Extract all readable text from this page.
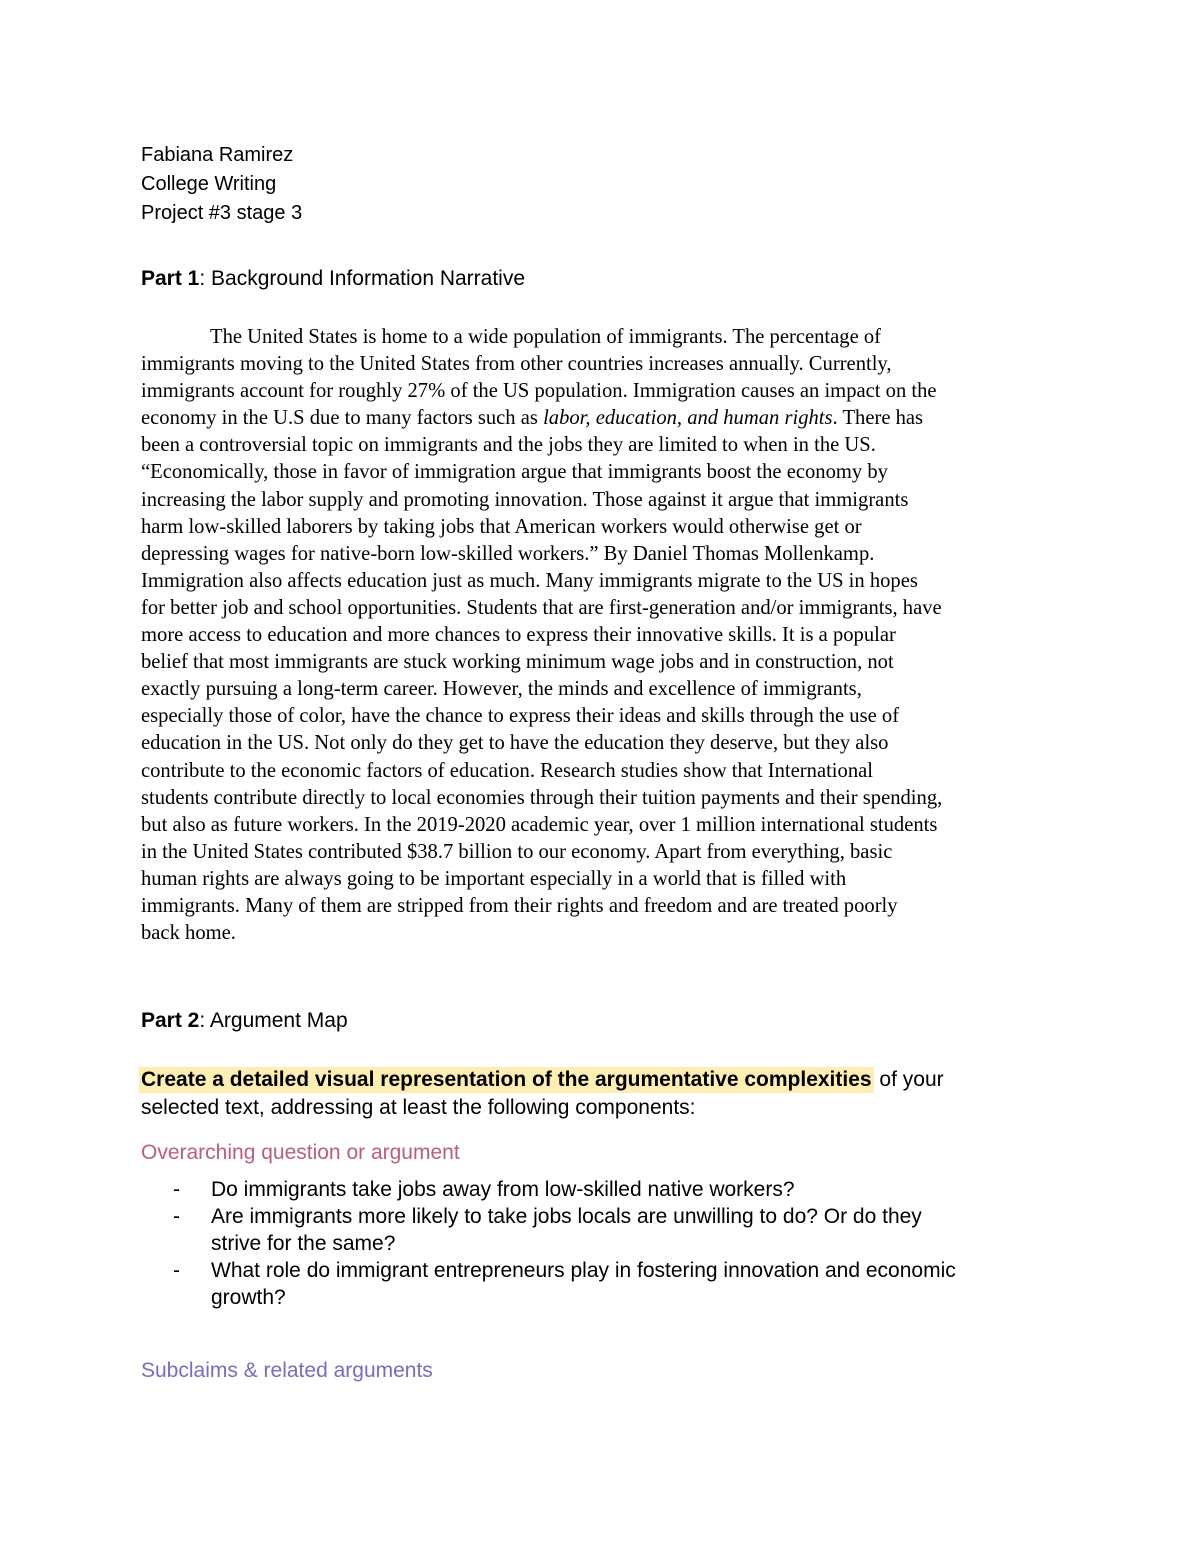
Fabiana Ramirez
College Writing
Project #3 stage 3
Part 1: Background Information Narrative
The United States is home to a wide population of immigrants. The percentage of
immigrants moving to the United States from other countries increases annually. Currently,
immigrants account for roughly 27% of the US population. Immigration causes an impact on the
economy in the U.S due to many factors such as labor, education, and human rights. There has
been a controversial topic on immigrants and the jobs they are limited to when in the US.
“Economically, those in favor of immigration argue that immigrants boost the economy by
increasing the labor supply and promoting innovation. Those against it argue that immigrants
harm low-skilled laborers by taking jobs that American workers would otherwise get or
depressing wages for native-born low-skilled workers.” By Daniel Thomas Mollenkamp.
Immigration also affects education just as much. Many immigrants migrate to the US in hopes
for better job and school opportunities. Students that are first-generation and/or immigrants, have
more access to education and more chances to express their innovative skills. It is a popular
belief that most immigrants are stuck working minimum wage jobs and in construction, not
exactly pursuing a long-term career. However, the minds and excellence of immigrants,
especially those of color, have the chance to express their ideas and skills through the use of
education in the US. Not only do they get to have the education they deserve, but they also
contribute to the economic factors of education. Research studies show that International
students contribute directly to local economies through their tuition payments and their spending,
but also as future workers. In the 2019-2020 academic year, over 1 million international students
in the United States contributed $38.7 billion to our economy. Apart from everything, basic
human rights are always going to be important especially in a world that is filled with
immigrants. Many of them are stripped from their rights and freedom and are treated poorly
back home.
Part 2: Argument Map
Create a detailed visual representation of the argumentative complexities of your
selected text, addressing at least the following components:
Overarching question or argument
- Do immigrants take jobs away from low-skilled native workers?
- Are immigrants more likely to take jobs locals are unwilling to do? Or do they
strive for the same?
- What role do immigrant entrepreneurs play in fostering innovation and economic
growth?
Subclaims & related arguments
